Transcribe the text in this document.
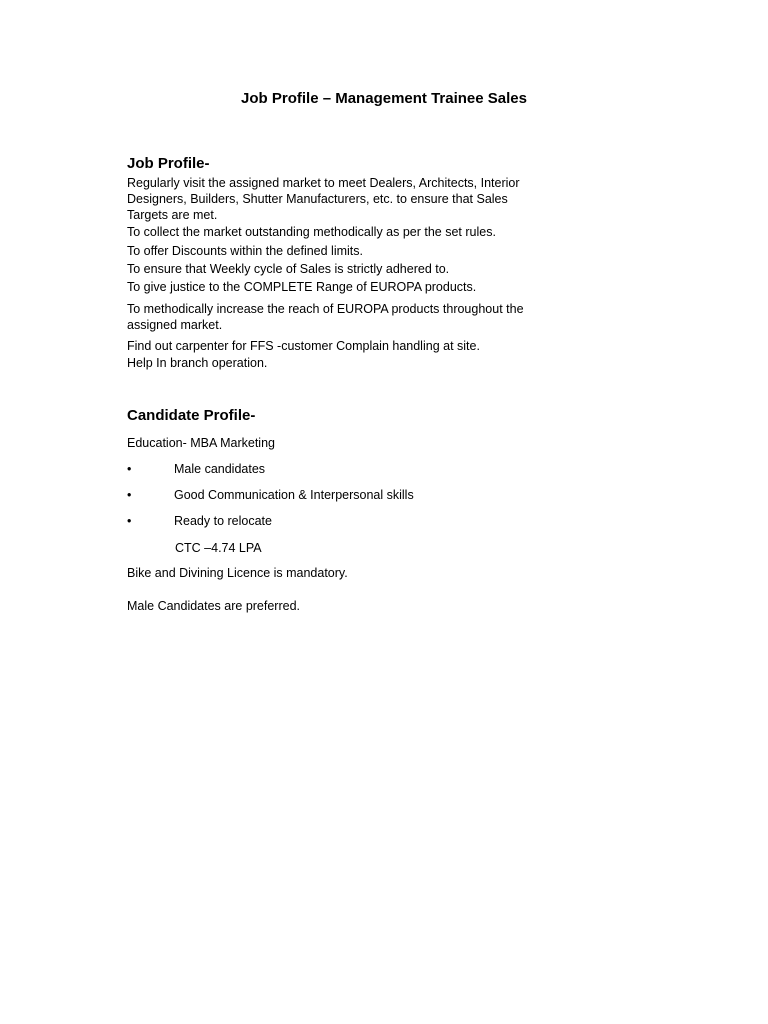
Job Profile – Management Trainee Sales
Job Profile-

Regularly visit the assigned market to meet Dealers, Architects, Interior

Designers, Builders, Shutter Manufacturers, etc. to ensure that Sales

Targets are met.

To collect the market outstanding methodically as per the set rules.

To offer Discounts within the defined limits.

To ensure that Weekly cycle of Sales is strictly adhered to.

To give justice to the COMPLETE Range of EUROPA products.

To methodically increase the reach of EUROPA products throughout the

assigned market.

Find out carpenter for FFS -customer Complain handling at site.

Help In branch operation.

Candidate Profile-

Education- MBA Marketing

•	Male candidates
•	Good Communication & Interpersonal skills
•	Ready to relocate

CTC –4.74 LPA

Bike and Divining Licence is mandatory.

Male Candidates are preferred.
